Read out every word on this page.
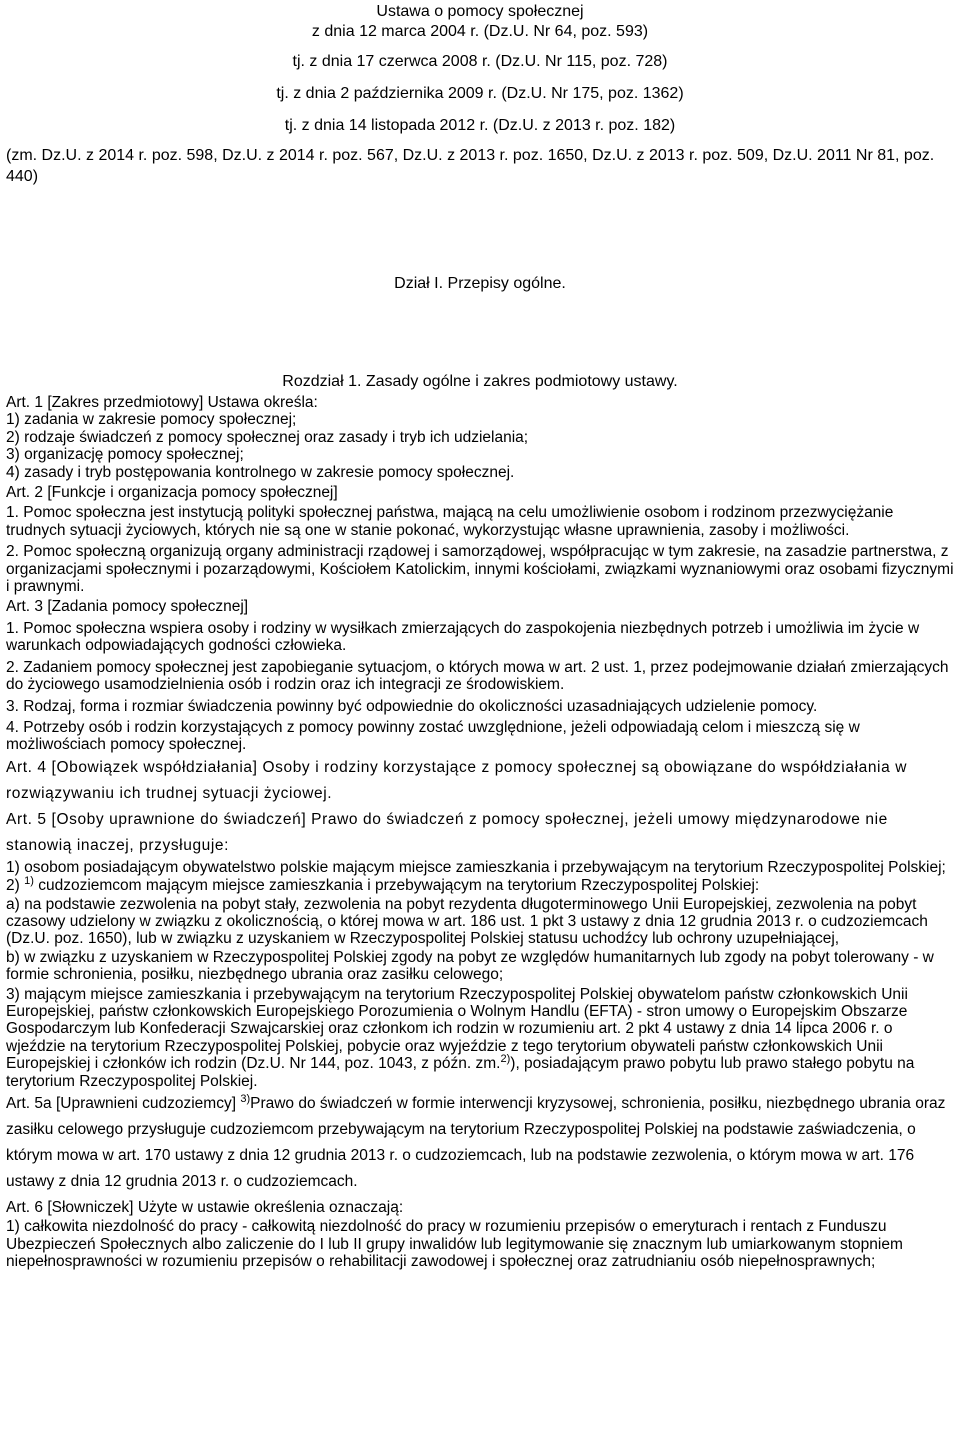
Ustawa o pomocy społecznej
z dnia 12 marca 2004 r. (Dz.U. Nr 64, poz. 593)
tj. z dnia 17 czerwca 2008 r. (Dz.U. Nr 115, poz. 728)
tj. z dnia 2 października 2009 r. (Dz.U. Nr 175, poz. 1362)
tj. z dnia 14 listopada 2012 r. (Dz.U. z 2013 r. poz. 182)
(zm. Dz.U. z 2014 r. poz. 598, Dz.U. z 2014 r. poz. 567, Dz.U. z 2013 r. poz. 1650, Dz.U. z 2013 r. poz. 509, Dz.U. 2011 Nr 81, poz. 440)
Dział I. Przepisy ogólne.
Rozdział 1. Zasady ogólne i zakres podmiotowy ustawy.

Art. 1 [Zakres przedmiotowy] Ustawa określa:

1) zadania w zakresie pomocy społecznej;

2) rodzaje świadczeń z pomocy społecznej oraz zasady i tryb ich udzielania;

3) organizację pomocy społecznej;

4) zasady i tryb postępowania kontrolnego w zakresie pomocy społecznej.

Art. 2 [Funkcje i organizacja pomocy społecznej]

1. Pomoc społeczna jest instytucją polityki społecznej państwa, mającą na celu umożliwienie osobom i rodzinom przezwyciężanie trudnych sytuacji życiowych, których nie są one w stanie pokonać, wykorzystując własne uprawnienia, zasoby i możliwości.

2. Pomoc społeczną organizują organy administracji rządowej i samorządowej, współpracując w tym zakresie, na zasadzie partnerstwa, z organizacjami społecznymi i pozarządowymi, Kościołem Katolickim, innymi kościołami, związkami wyznaniowymi oraz osobami fizycznymi i prawnymi.

Art. 3 [Zadania pomocy społecznej]

1. Pomoc społeczna wspiera osoby i rodziny w wysiłkach zmierzających do zaspokojenia niezbędnych potrzeb i umożliwia im życie w warunkach odpowiadających godności człowieka.

2. Zadaniem pomocy społecznej jest zapobieganie sytuacjom, o których mowa w art. 2 ust. 1, przez podejmowanie działań zmierzających do życiowego usamodzielnienia osób i rodzin oraz ich integracji ze środowiskiem.

3. Rodzaj, forma i rozmiar świadczenia powinny być odpowiednie do okoliczności uzasadniających udzielenie pomocy.

4. Potrzeby osób i rodzin korzystających z pomocy powinny zostać uwzględnione, jeżeli odpowiadają celom i mieszczą się w możliwościach pomocy społecznej.

Art. 4 [Obowiązek współdziałania] Osoby i rodziny korzystające z pomocy społecznej są obowiązane do współdziałania w rozwiązywaniu ich trudnej sytuacji życiowej.

Art. 5 [Osoby uprawnione do świadczeń] Prawo do świadczeń z pomocy społecznej, jeżeli umowy międzynarodowe nie stanowią inaczej, przysługuje:

1) osobom posiadającym obywatelstwo polskie mającym miejsce zamieszkania i przebywającym na terytorium Rzeczypospolitej Polskiej;

2) $^{1)}$ cudzoziemcom mającym miejsce zamieszkania i przebywającym na terytorium Rzeczypospolitej Polskiej:

a) na podstawie zezwolenia na pobyt stały, zezwolenia na pobyt rezydenta długoterminowego Unii Europejskiej, zezwolenia na pobyt czasowy udzielony w związku z okolicznością, o której mowa w art. 186 ust. 1 pkt 3 ustawy z dnia 12 grudnia 2013 r. o cudzoziemcach (Dz.U. poz. 1650), lub w związku z uzyskaniem w Rzeczypospolitej Polskiej statusu uchodźcy lub ochrony uzupełniającej,

b) w związku z uzyskaniem w Rzeczypospolitej Polskiej zgody na pobyt ze względów humanitarnych lub zgody na pobyt tolerowany - w formie schronienia, posiłku, niezbędnego ubrania oraz zasiłku celowego;

3) mającym miejsce zamieszkania i przebywającym na terytorium Rzeczypospolitej Polskiej obywatelom państw członkowskich Unii Europejskiej, państw członkowskich Europejskiego Porozumienia o Wolnym Handlu (EFTA) - stron umowy o Europejskim Obszarze Gospodarczym lub Konfederacji Szwajcarskiej oraz członkom ich rodzin w rozumieniu art. 2 pkt 4 ustawy z dnia 14 lipca 2006 r. o wjeździe na terytorium Rzeczypospolitej Polskiej, pobycie oraz wyjeździe z tego terytorium obywateli państw członkowskich Unii Europejskiej i członków ich rodzin (Dz.U. Nr 144, poz. 1043, z późn. zm.$^{2)}$), posiadającym prawo pobytu lub prawo stałego pobytu na terytorium Rzeczypospolitej Polskiej.

Art. 5a [Uprawnieni cudzoziemcy] $^{3)}$Prawo do świadczeń w formie interwencji kryzysowej, schronienia, posiłku, niezbędnego ubrania oraz zasiłku celowego przysługuje cudzoziemcom przebywającym na terytorium Rzeczypospolitej Polskiej na podstawie zaświadczenia, o którym mowa w art. 170 ustawy z dnia 12 grudnia 2013 r. o cudzoziemcach, lub na podstawie zezwolenia, o którym mowa w art. 176 ustawy z dnia 12 grudnia 2013 r. o cudzoziemcach.

Art. 6 [Słowniczek] Użyte w ustawie określenia oznaczają:

1) całkowita niezdolność do pracy - całkowitą niezdolność do pracy w rozumieniu przepisów o emeryturach i rentach z Funduszu Ubezpieczeń Społecznych albo zaliczenie do I lub II grupy inwalidów lub legitymowanie się znacznym lub umiarkowanym stopniem niepełnosprawności w rozumieniu przepisów o rehabilitacji zawodowej i społecznej oraz zatrudnianiu osób niepełnosprawnych;
